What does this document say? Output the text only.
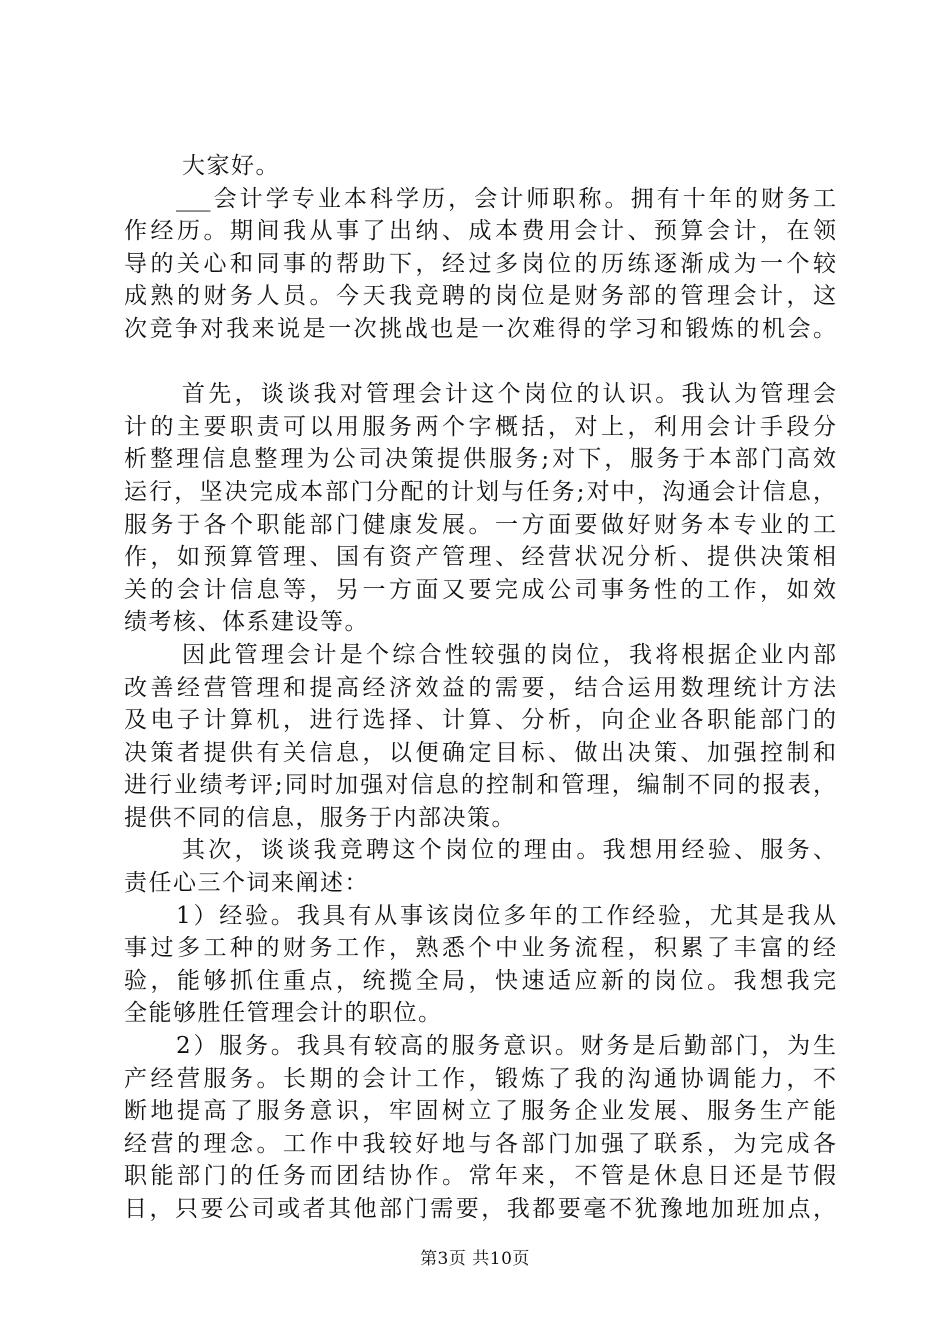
大家好。
___会计学专业本科学历，会计师职称。拥有十年的财务工
作经历。期间我从事了出纳、成本费用会计、预算会计，在领
导的关心和同事的帮助下，经过多岗位的历练逐渐成为一个较
成熟的财务人员。今天我竞聘的岗位是财务部的管理会计，这
次竞争对我来说是一次挑战也是一次难得的学习和锻炼的机会。
首先，谈谈我对管理会计这个岗位的认识。我认为管理会
计的主要职责可以用服务两个字概括，对上，利用会计手段分
析整理信息整理为公司决策提供服务;对下，服务于本部门高效
运行，坚决完成本部门分配的计划与任务;对中，沟通会计信息，
服务于各个职能部门健康发展。一方面要做好财务本专业的工
作，如预算管理、国有资产管理、经营状况分析、提供决策相
关的会计信息等，另一方面又要完成公司事务性的工作，如效
绩考核、体系建设等。
因此管理会计是个综合性较强的岗位，我将根据企业内部
改善经营管理和提高经济效益的需要，结合运用数理统计方法
及电子计算机，进行选择、计算、分析，向企业各职能部门的
决策者提供有关信息，以便确定目标、做出决策、加强控制和
进行业绩考评;同时加强对信息的控制和管理，编制不同的报表，
提供不同的信息，服务于内部决策。
其次，谈谈我竞聘这个岗位的理由。我想用经验、服务、
责任心三个词来阐述：
1）经验。我具有从事该岗位多年的工作经验，尤其是我从
事过多工种的财务工作，熟悉个中业务流程，积累了丰富的经
验，能够抓住重点，统揽全局，快速适应新的岗位。我想我完
全能够胜任管理会计的职位。
2）服务。我具有较高的服务意识。财务是后勤部门，为生
产经营服务。长期的会计工作，锻炼了我的沟通协调能力，不
断地提高了服务意识，牢固树立了服务企业发展、服务生产能
经营的理念。工作中我较好地与各部门加强了联系，为完成各
职能部门的任务而团结协作。常年来，不管是休息日还是节假
日，只要公司或者其他部门需要，我都要毫不犹豫地加班加点，
第3页 共10页
